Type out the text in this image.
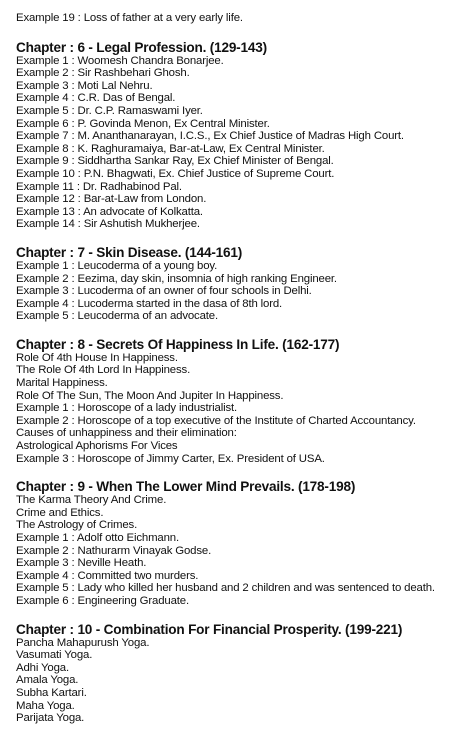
Example 19 : Loss of father at a very early life.
Chapter : 6 - Legal Profession. (129-143)
Example 1 : Woomesh Chandra Bonarjee.
Example 2 : Sir Rashbehari Ghosh.
Example 3 : Moti Lal Nehru.
Example 4 : C.R. Das of Bengal.
Example 5 : Dr. C.P. Ramaswami Iyer.
Example 6 : P. Govinda Menon, Ex Central Minister.
Example 7 : M. Ananthanarayan, I.C.S., Ex Chief Justice of Madras High Court.
Example 8 : K. Raghuramaiya, Bar-at-Law, Ex Central Minister.
Example 9 : Siddhartha Sankar Ray, Ex Chief Minister of Bengal.
Example 10 : P.N. Bhagwati, Ex. Chief Justice of Supreme Court.
Example 11 : Dr. Radhabinod Pal.
Example 12 : Bar-at-Law from London.
Example 13 : An advocate of Kolkatta.
Example 14 : Sir Ashutish Mukherjee.
Chapter : 7 - Skin Disease. (144-161)
Example 1 : Leucoderma of a young boy.
Example 2 : Eezima, day skin, insomnia of high ranking Engineer.
Example 3 : Lucoderma of an owner of four schools in Delhi.
Example 4 : Lucoderma started in the dasa of 8th lord.
Example 5 : Leucoderma of an advocate.
Chapter : 8 - Secrets Of Happiness In Life. (162-177)
Role Of 4th House In Happiness.
The Role Of 4th Lord In Happiness.
Marital Happiness.
Role Of The Sun, The Moon And Jupiter In Happiness.
Example 1 : Horoscope of a lady industrialist.
Example 2 : Horoscope of a top executive of the Institute of Charted Accountancy.
Causes of unhappiness and their elimination:
Astrological Aphorisms For Vices
Example 3 : Horoscope of Jimmy Carter, Ex. President of USA.
Chapter : 9 - When The Lower Mind Prevails. (178-198)
The Karma Theory And Crime.
Crime and Ethics.
The Astrology of Crimes.
Example 1 : Adolf otto Eichmann.
Example 2 : Nathurarm Vinayak Godse.
Example 3 : Neville Heath.
Example 4 : Committed two murders.
Example 5 : Lady who killed her husband and 2 children and was sentenced to death.
Example 6 : Engineering Graduate.
Chapter : 10 - Combination For Financial Prosperity. (199-221)
Pancha Mahapurush Yoga.
Vasumati Yoga.
Adhi Yoga.
Amala Yoga.
Subha Kartari.
Maha Yoga.
Parijata Yoga.
